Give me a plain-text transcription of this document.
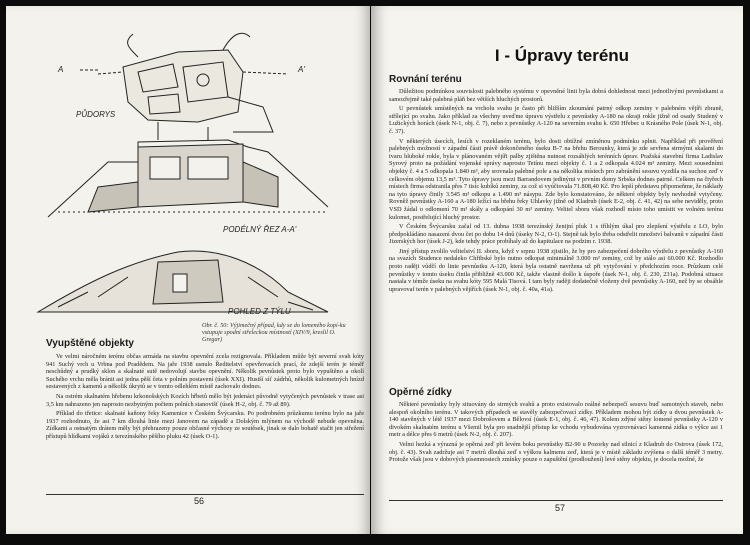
A	A'
PŮDORYS
PODÉLNÝ ŘEZ A-A'
POHLED Z TÝLU
Obr. č. 50: Výjimečný případ, kdy se do lomeného kopí-ku vstupuje spodní střeleckou místností (XIV/9, kreslil O. Gregar)
Vyupštěné objekty

Ve velmi náročném terénu občas armáda na stavbu opevnění zcela rezignovala. Příkladem může být severní svah kóty 941 Suchý vrch u Vrbna pod Pradědem. Na jaře 1938 usnulo Ředitelství opevňovacích prací, že zdejší terén je téměř neschůdný a prudký sklon a skalnaté sutě nedovolují stavbu opevnění. Několik pevnůstek proto bylo vypuštěno a okolí Suchého vrchu měla bránit asi jedna pěší četa v polním postavení (úsek XXI). Hustší síť zádrhů, několik kulometných hnízd sestavených z kamenů a několik úkrytů se v tomto odlehlém místě zachovalo dodnes.

Na ostrém skalnatém hřebenu krkonošských Kozích hřbetů mělo být jedenáct původně vytyčených pevnůstek v trase asi 3,5 km nahrazeno jen naprosto nezbytným počtem polních stanovišť (úsek H-2, obj. č. 79 až 89).

Příklad do třetice: skalnaté kaňony řeky Kamenice v Českém Švýcarsku. Po podrobném průzkumu terénu bylo na jaře 1937 rozhodnuto, že asi 7 km dlouhá linie mezi Janovem na západě a Dolským mlýnem na východě nebude opevněna. Zídkami a ostnatým drátem měly být přehrazeny pouze občasné výchozy ze soutěsek, jinak se dalo bohatě stačit jen střežení přístupů hlídkami vojáků z terezínského pěšího pluku 42 (úsek O-1).

56
I - Úpravy terénu
Rovnání terénu

Důležitou podmínkou souvislosti palebného systému v opevněné linii byla dobrá dohlednost mezi jednotlivými pevnůstkami a samozřejmě také palebná pláň bez větších hluchých prostorů.

U pevnůstek umístěných na vrcholu svahu je často při bližším zkoumání patrný odkop zeminy v palebném vějíři zbraně, střílející po svahu. Jako příklad za všechny uveďme úpravu výstřelu z pevnůstky A-180 na okraji rokle jižně od osady Studený v Lužických horách (úsek N-1, obj. č. 7), nebo z pevnůstky A-120 na severním svahu k. 650 Hřebec u Krásného Pole (úsek N-1, obj. č. 37).

V některých úsecích, lesích v rozeklaném terénu, bylo dosti obtížné zmíněnou podmínku splnit. Například při prověření palebných možností v západní části právě dokončeného úseku B-7 na břehu Berounky, která je zde sevřena strmými skalami do tvaru hluboké rokle, byla v plánovaném vějíři palby zjištěna nutnost rozsáhlých terénních úprav. Pražská stavební firma Ladislav Syrový proto na požádání vojenské správy naprosto Tetínu mezi objekty č. 1 a 2 odkopala 4.024 m³ zeminy. Mezi sousedními objekty č. 4 a 5 odkopala 1.840 m³, aby srovnala palebné pole a na několika místech pro zabránění sesuvu vyzdila na suchou zeď v celkovém objemu 13,5 m³. Tyto úpravy jsou mezi Barrandovem jedinými v prvním domy Srbska dodnes patrné. Celkem na čtyřech místech firma odstranila přes 7 tisíc kubíků zeminy, za což si vyúčtovala 71.808,40 Kč. Pro lepší představu připomeňme, že náklady na tyto úpravy činily 3.545 m³ odkopu a 1.490 m³ násypu. Zde bylo konstatováno, že některé objekty byly nevhodně vytyčeny. Rovněž pevnůstky A-160 a A-180 ležící na břehu řeky Uhlavky jižně od Kladrub (úsek E-2, obj. č. 41, 42) na sebe neviděly, proto VSD žádal o odlomení 70 m³ skály a odkopání 30 m³ zeminy. Velitel sboru však rozhodl místo toho umístit ve volném terénu kulomet, postřelující hluchý prostor.

V Českém Švýcarsku začal od 13. dubna 1938 terezínský ženijní pluk 1 s tříhlým úkal pro zlepšení výstřelu z LO, bylo předpokládáno nasazení dvou čet po dobu 14 dnů (úseky N-2, O-1). Stejně tak bylo třeba odstřelit množství balvanů v západní části Jizerských hor (úsek J-2), kde tehdy práce probíhaly až do kapitulace na podzim r. 1938.

Jiný přístup zvolilo velitelství II. sboru, když v srpnu 1938 zjistilo, že by pro zabezpečení dobrého výstřelu z pevnůstky A-160 na svazích Studence nedaleko Chřibské bylo nutno odkopat minimálně 3.000 m³ zeminy, což by stálo asi 60.000 Kč. Rozhodlo proto raději vůdčí do linie pevnůstku A-120, která byla ostatně navržena už při vytyčování v předchozím roce. Průzkum celé pevnůstky v tomto úseku činila přibližně 43.000 Kč, takže vlastně došlo k úspoře (úsek N-1, obj. č. 230, 231a). Podobná situace nastala v témže úseku na svahu kóty 595 Malá Tisová. I tam byly raději dodatečně vloženy dvě pevnůstky A-160, než by se obsáhle upravovaf terén v palebných vějířích (úsek N-1, obj. č. 40a, 41a).

Opěrné zídky

Některé pevnůstky byly situovány do strmých svahů a proto existovalo reálné nebezpečí sesuvu buď samotných staveb, nebo alespoň okolního terénu. V takových případech se stavěly zabezpečovací zídky. Příkladem mohou být zídky u dvou pevnůstek A-140 stavěných v létě 1937 mezi Dobrošovem a Bělovsí (úsek E-1, obj. č. 46, 47). Kolem zdýné stěny lomené pevnůstky A-120 v divokém skalnatém terénu u Všemil byla pro snadnější přístup ke vchodu vybudována vyzrovnávací kamenná zídka o výšce asi 1 metr a délce přes 6 metrů (úsek N-2, obj. č. 207).

Velmi hezká a výrazná je opěrná zeď při levém boku pevnůstky B2-90 u Pozorky nad silnicí z Kladrub do Ostrova (úsek 172, obj. č. 43). Svah zadržuje asi 7 metrů dlouhá zeď s výškou kalmenu zeď, která je v místě základu zvýšena o další téměř 3 metry. Protože však jsou v dobových písemnostech zmínky pouze o zapuštění (prodloužení) levé stěny objektu, je docela možné, že

57
